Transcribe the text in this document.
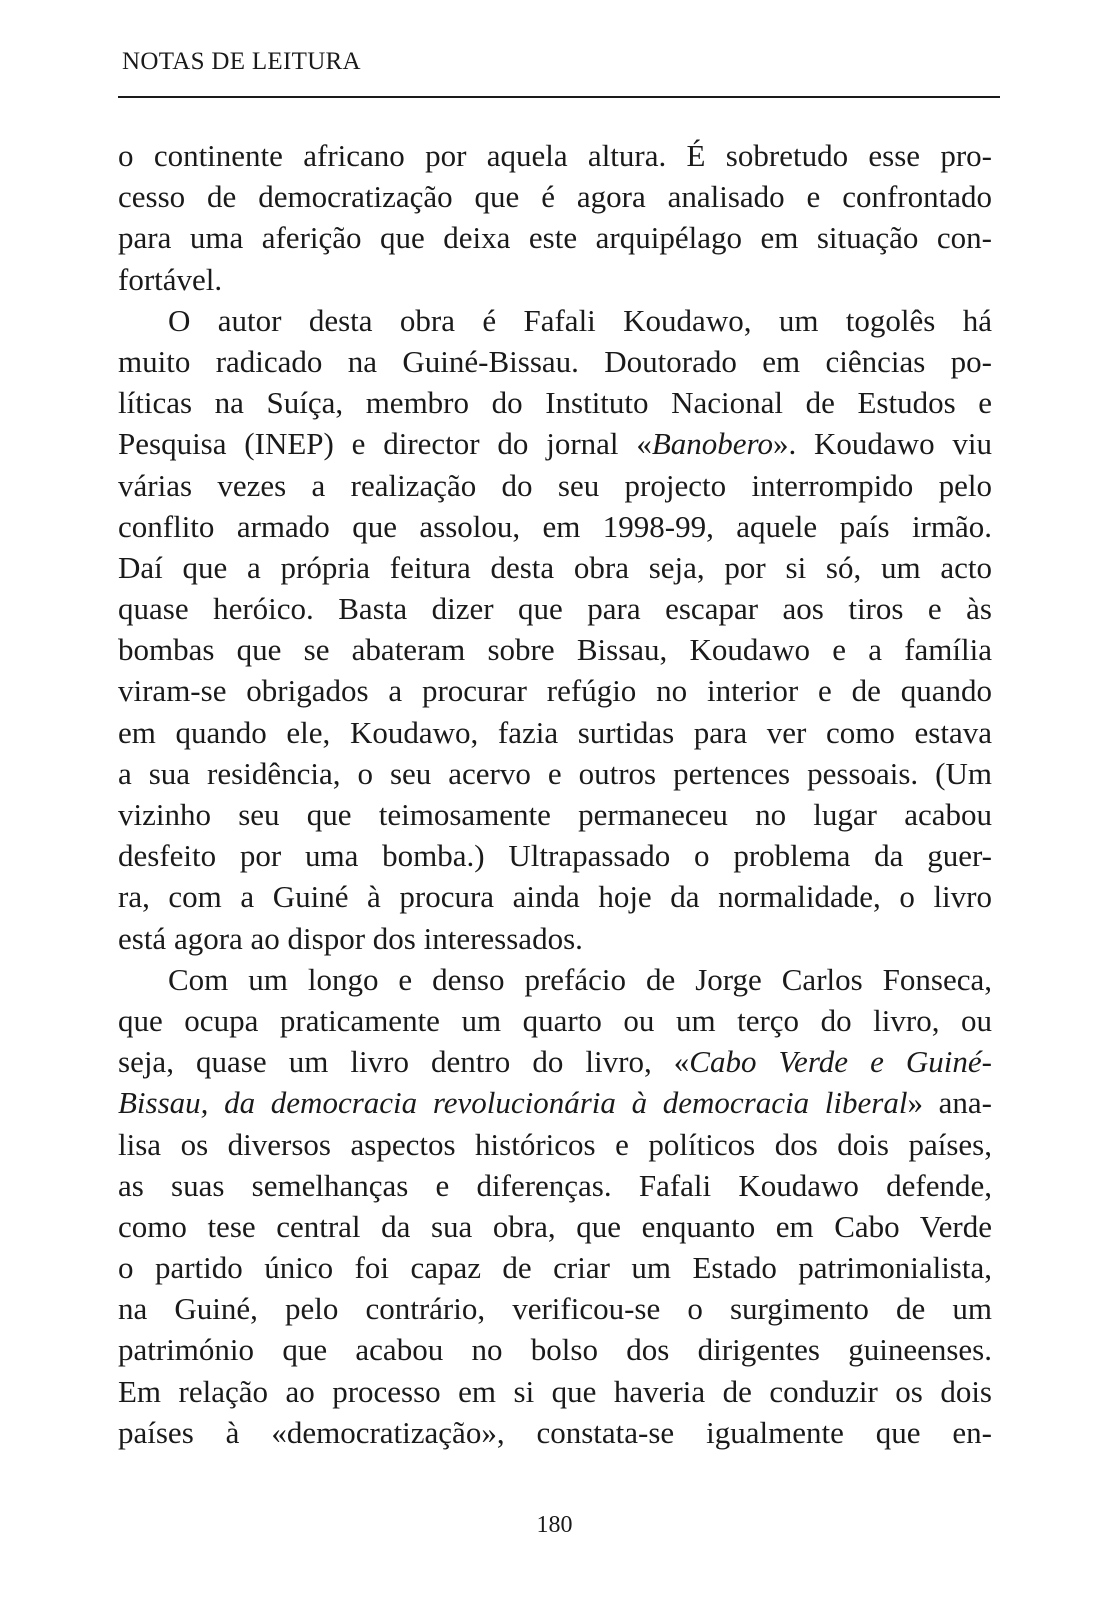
NOTAS DE LEITURA
o continente africano por aquela altura. É sobretudo esse pro-
cesso de democratização que é agora analisado e confrontado
para uma aferição que deixa este arquipélago em situação con-
fortável.
O autor desta obra é Fafali Koudawo, um togolês há
muito radicado na Guiné-Bissau. Doutorado em ciências po-
líticas na Suíça, membro do Instituto Nacional de Estudos e
Pesquisa (INEP) e director do jornal «Banobero». Koudawo viu
várias vezes a realização do seu projecto interrompido pelo
conflito armado que assolou, em 1998-99, aquele país irmão.
Daí que a própria feitura desta obra seja, por si só, um acto
quase heróico. Basta dizer que para escapar aos tiros e às
bombas que se abateram sobre Bissau, Koudawo e a família
viram-se obrigados a procurar refúgio no interior e de quando
em quando ele, Koudawo, fazia surtidas para ver como estava
a sua residência, o seu acervo e outros pertences pessoais. (Um
vizinho seu que teimosamente permaneceu no lugar acabou
desfeito por uma bomba.) Ultrapassado o problema da guer-
ra, com a Guiné à procura ainda hoje da normalidade, o livro
está agora ao dispor dos interessados.
Com um longo e denso prefácio de Jorge Carlos Fonseca,
que ocupa praticamente um quarto ou um terço do livro, ou
seja, quase um livro dentro do livro, «Cabo Verde e Guiné-
Bissau, da democracia revolucionária à democracia liberal» ana-
lisa os diversos aspectos históricos e políticos dos dois países,
as suas semelhanças e diferenças. Fafali Koudawo defende,
como tese central da sua obra, que enquanto em Cabo Verde
o partido único foi capaz de criar um Estado patrimonialista,
na Guiné, pelo contrário, verificou-se o surgimento de um
património que acabou no bolso dos dirigentes guineenses.
Em relação ao processo em si que haveria de conduzir os dois
países à «democratização», constata-se igualmente que en-
180
